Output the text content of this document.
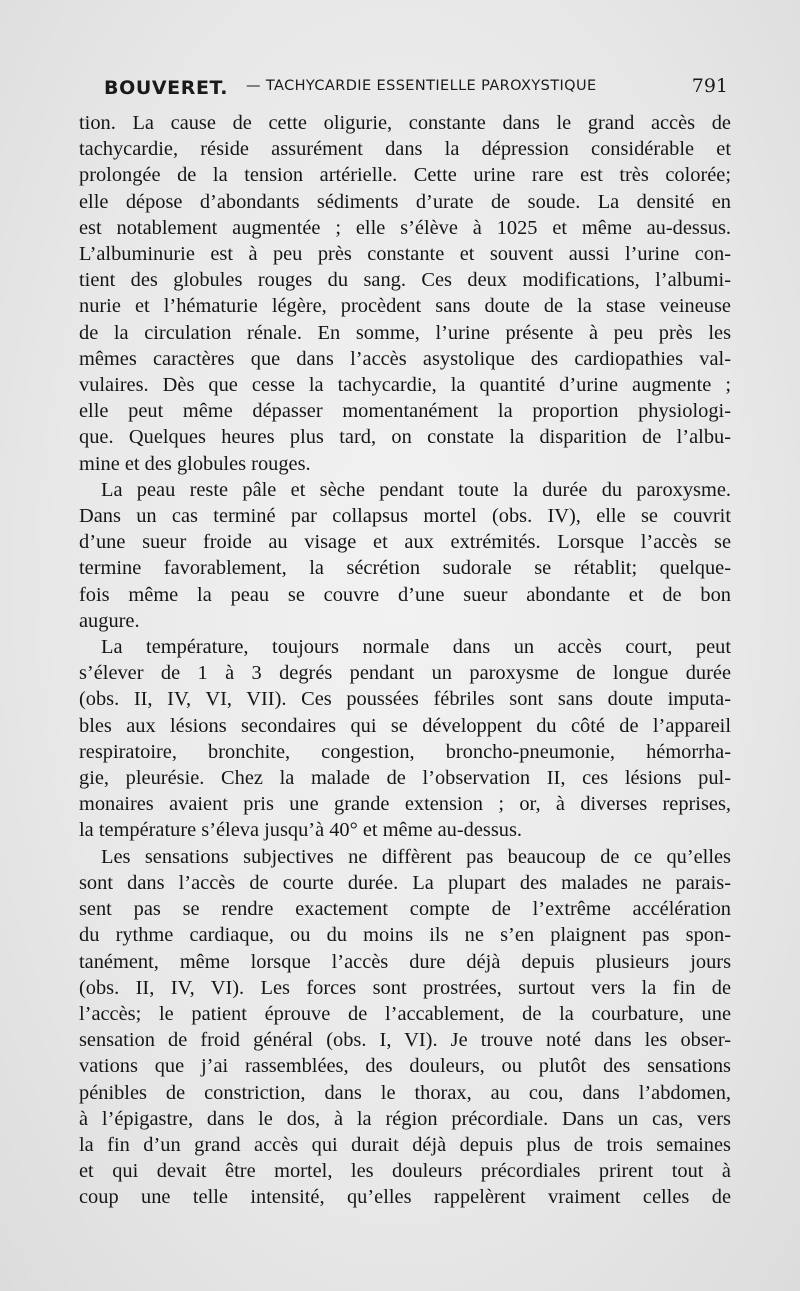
BOUVERET. — TACHYCARDIE ESSENTIELLE PAROXYSTIQUE	791

tion. La cause de cette oligurie, constante dans le grand accès de
tachycardie, réside assurément dans la dépression considérable et
prolongée de la tension artérielle. Cette urine rare est très colorée;
elle dépose d’abondants sédiments d’urate de soude. La densité en
est notablement augmentée ; elle s’élève à 1025 et même au-dessus.
L’albuminurie est à peu près constante et souvent aussi l’urine con-
tient des globules rouges du sang. Ces deux modifications, l’albumi-
nurie et l’hématurie légère, procèdent sans doute de la stase veineuse
de la circulation rénale. En somme, l’urine présente à peu près les
mêmes caractères que dans l’accès asystolique des cardiopathies val-
vulaires. Dès que cesse la tachycardie, la quantité d’urine augmente ;
elle peut même dépasser momentanément la proportion physiologi-
que. Quelques heures plus tard, on constate la disparition de l’albu-
mine et des globules rouges.

La peau reste pâle et sèche pendant toute la durée du paroxysme.
Dans un cas terminé par collapsus mortel (obs. IV), elle se couvrit
d’une sueur froide au visage et aux extrémités. Lorsque l’accès se
termine favorablement, la sécrétion sudorale se rétablit; quelque-
fois même la peau se couvre d’une sueur abondante et de bon
augure.

La température, toujours normale dans un accès court, peut
s’élever de 1 à 3 degrés pendant un paroxysme de longue durée
(obs. II, IV, VI, VII). Ces poussées fébriles sont sans doute imputa-
bles aux lésions secondaires qui se développent du côté de l’appareil
respiratoire, bronchite, congestion, broncho-pneumonie, hémorrha-
gie, pleurésie. Chez la malade de l’observation II, ces lésions pul-
monaires avaient pris une grande extension ; or, à diverses reprises,
la température s’éleva jusqu’à 40° et même au-dessus.

Les sensations subjectives ne diffèrent pas beaucoup de ce qu’elles
sont dans l’accès de courte durée. La plupart des malades ne parais-
sent pas se rendre exactement compte de l’extrême accélération
du rythme cardiaque, ou du moins ils ne s’en plaignent pas spon-
tanément, même lorsque l’accès dure déjà depuis plusieurs jours
(obs. II, IV, VI). Les forces sont prostrées, surtout vers la fin de
l’accès; le patient éprouve de l’accablement, de la courbature, une
sensation de froid général (obs. I, VI). Je trouve noté dans les obser-
vations que j’ai rassemblées, des douleurs, ou plutôt des sensations
pénibles de constriction, dans le thorax, au cou, dans l’abdomen,
à l’épigastre, dans le dos, à la région précordiale. Dans un cas, vers
la fin d’un grand accès qui durait déjà depuis plus de trois semaines
et qui devait être mortel, les douleurs précordiales prirent tout à
coup une telle intensité, qu’elles rappelèrent vraiment celles de
